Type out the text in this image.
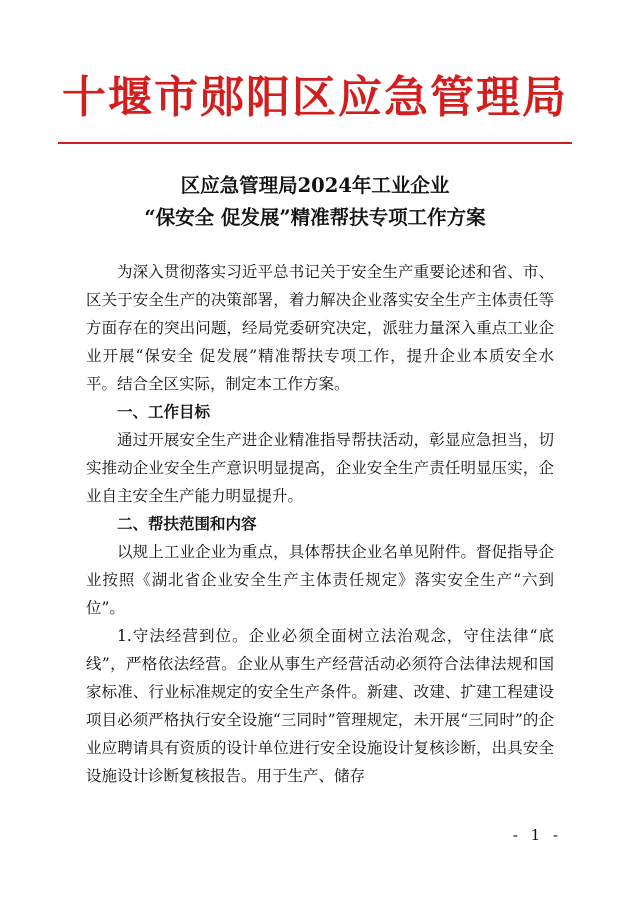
十堰市郧阳区应急管理局
区应急管理局2024年工业企业
“保安全 促发展”精准帮扶专项工作方案

为深入贯彻落实习近平总书记关于安全生产重要论述和省、市、区关于安全生产的决策部署，着力解决企业落实安全生产主体责任等方面存在的突出问题，经局党委研究决定，派驻力量深入重点工业企业开展“保安全 促发展”精准帮扶专项工作，提升企业本质安全水平。结合全区实际，制定本工作方案。

一、工作目标

通过开展安全生产进企业精准指导帮扶活动，彰显应急担当，切实推动企业安全生产意识明显提高，企业安全生产责任明显压实，企业自主安全生产能力明显提升。

二、帮扶范围和内容

以规上工业企业为重点，具体帮扶企业名单见附件。督促指导企业按照《湖北省企业安全生产主体责任规定》落实安全生产“六到位”。

1.守法经营到位。企业必须全面树立法治观念，守住法律“底线”，严格依法经营。企业从事生产经营活动必须符合法律法规和国家标准、行业标准规定的安全生产条件。新建、改建、扩建工程建设项目必须严格执行安全设施“三同时”管理规定，未开展“三同时”的企业应聘请具有资质的设计单位进行安全设施设计复核诊断，出具安全设施设计诊断复核报告。用于生产、储存

- 1 -
